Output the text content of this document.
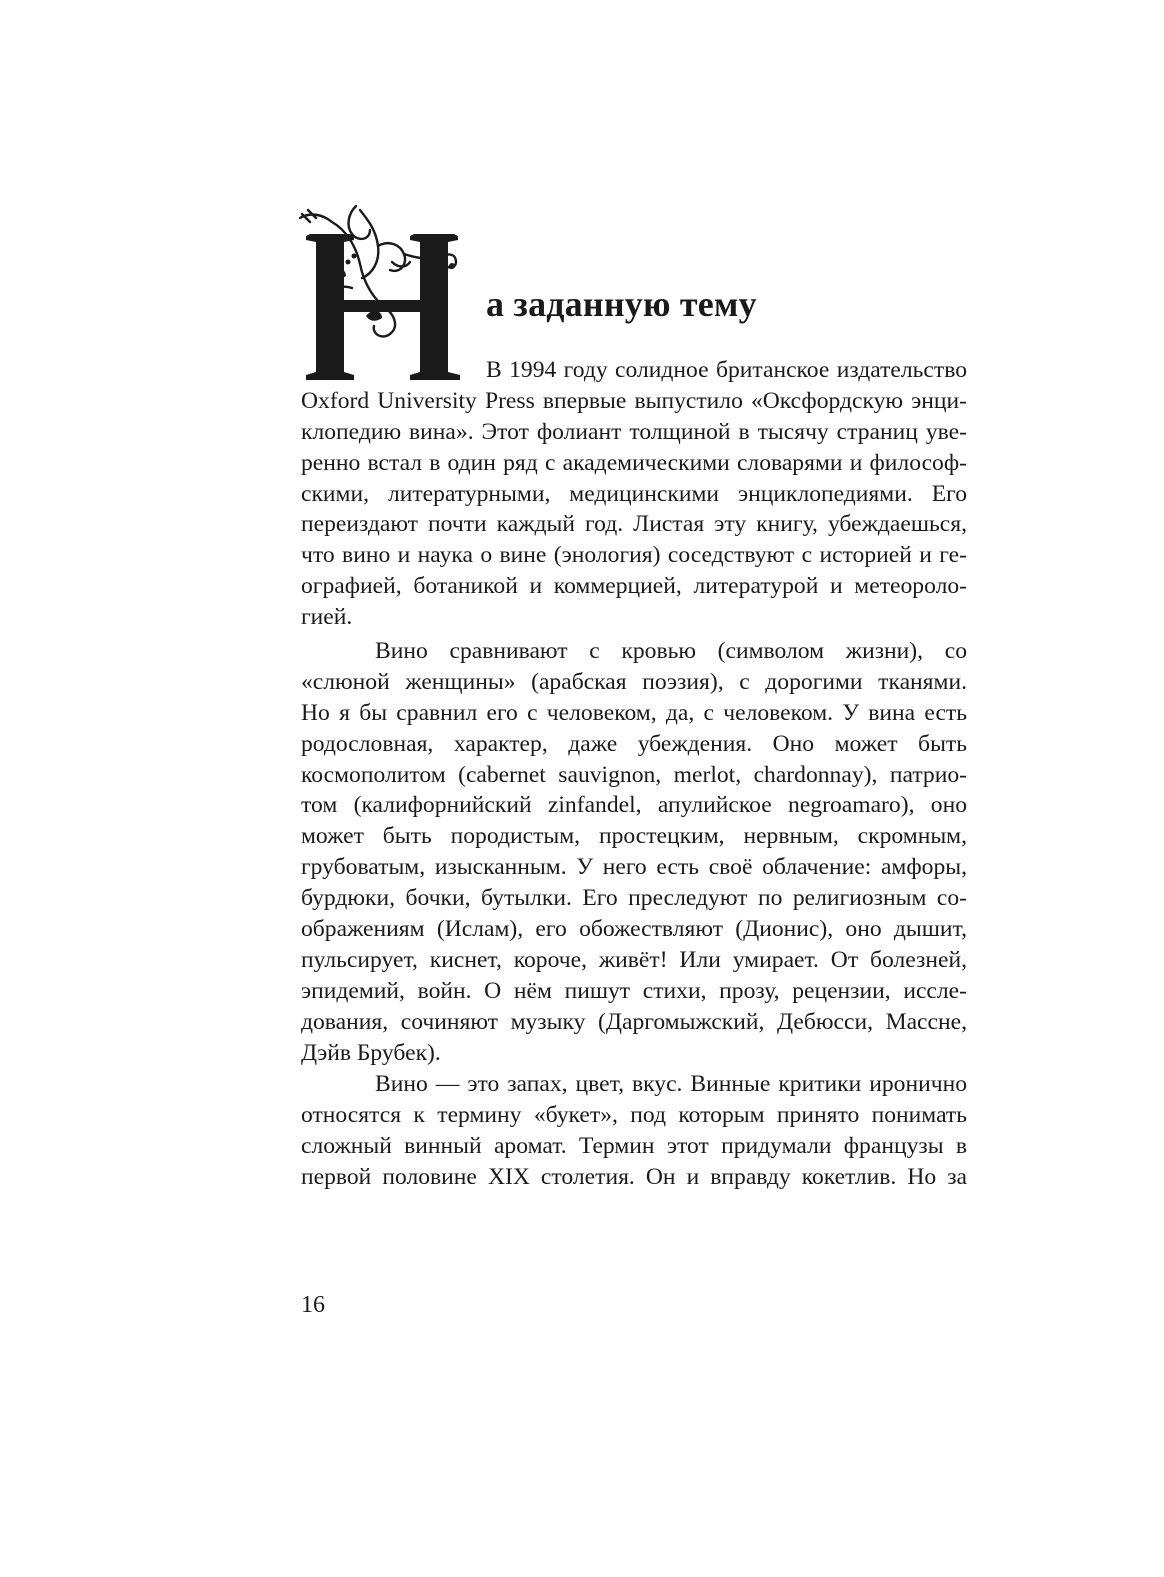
а заданную тему
В 1994 году солидное британское издательство
Oxford University Press впервые выпустило «Оксфордскую энци-
клопедию вина». Этот фолиант толщиной в тысячу страниц уве-
ренно встал в один ряд с академическими словарями и философ-
скими, литературными, медицинскими энциклопедиями. Его
переиздают почти каждый год. Листая эту книгу, убеждаешься,
что вино и наука о вине (энология) соседствуют с историей и ге-
ографией, ботаникой и коммерцией, литературой и метеороло-
гией.
Вино сравнивают с кровью (символом жизни), со
«слюной женщины» (арабская поэзия), с дорогими тканями.
Но я бы сравнил его с человеком, да, с человеком. У вина есть
родословная, характер, даже убеждения. Оно может быть
космополитом (cabernet sauvignon, merlot, chardonnay), патрио-
том (калифорнийский zinfandel, апулийское negroamaro), оно
может быть породистым, простецким, нервным, скромным,
грубоватым, изысканным. У него есть своё облачение: амфоры,
бурдюки, бочки, бутылки. Его преследуют по религиозным со-
ображениям (Ислам), его обожествляют (Дионис), оно дышит,
пульсирует, киснет, короче, живёт! Или умирает. От болезней,
эпидемий, войн. О нём пишут стихи, прозу, рецензии, иссле-
дования, сочиняют музыку (Даргомыжский, Дебюсси, Массне,
Дэйв Брубек).
Вино — это запах, цвет, вкус. Винные критики иронично
относятся к термину «букет», под которым принято понимать
сложный винный аромат. Термин этот придумали французы в
первой половине XIX столетия. Он и вправду кокетлив. Но за
16
